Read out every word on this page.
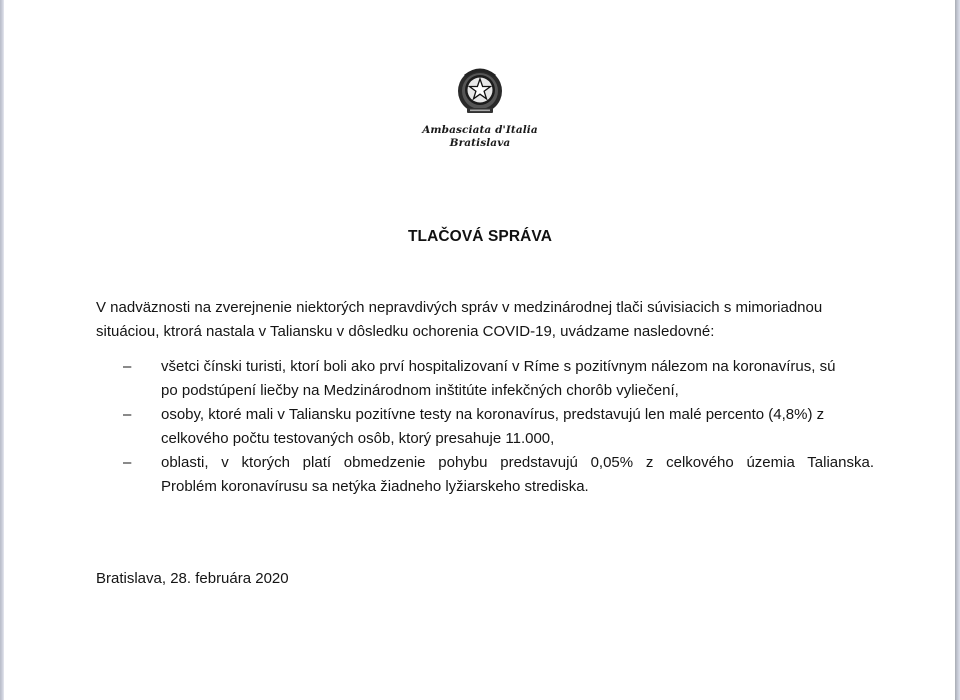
Ambasciata d'Italia
Bratislava
TLAČOVÁ SPRÁVA
V nadväznosti na zverejnenie niektorých nepravdivých správ v medzinárodnej tlači súvisiacich s mimoriadnou
situáciou, ktrorá nastala v Taliansku v dôsledku ochorenia COVID-19, uvádzame nasledovné:
– všetci čínski turisti, ktorí boli ako prví hospitalizovaní v Ríme s pozitívnym nálezom na koronavírus, sú
po podstúpení liečby na Medzinárodnom inštitúte infekčných chorôb vyliečení,
– osoby, ktoré mali v Taliansku pozitívne testy na koronavírus, predstavujú len malé percento (4,8%) z
celkového počtu testovaných osôb, ktorý presahuje 11.000,
– oblasti, v ktorých platí obmedzenie pohybu predstavujú 0,05% z celkového územia Talianska.
Problém koronavírusu sa netýka žiadneho lyžiarskeho strediska.
Bratislava, 28. februára 2020
